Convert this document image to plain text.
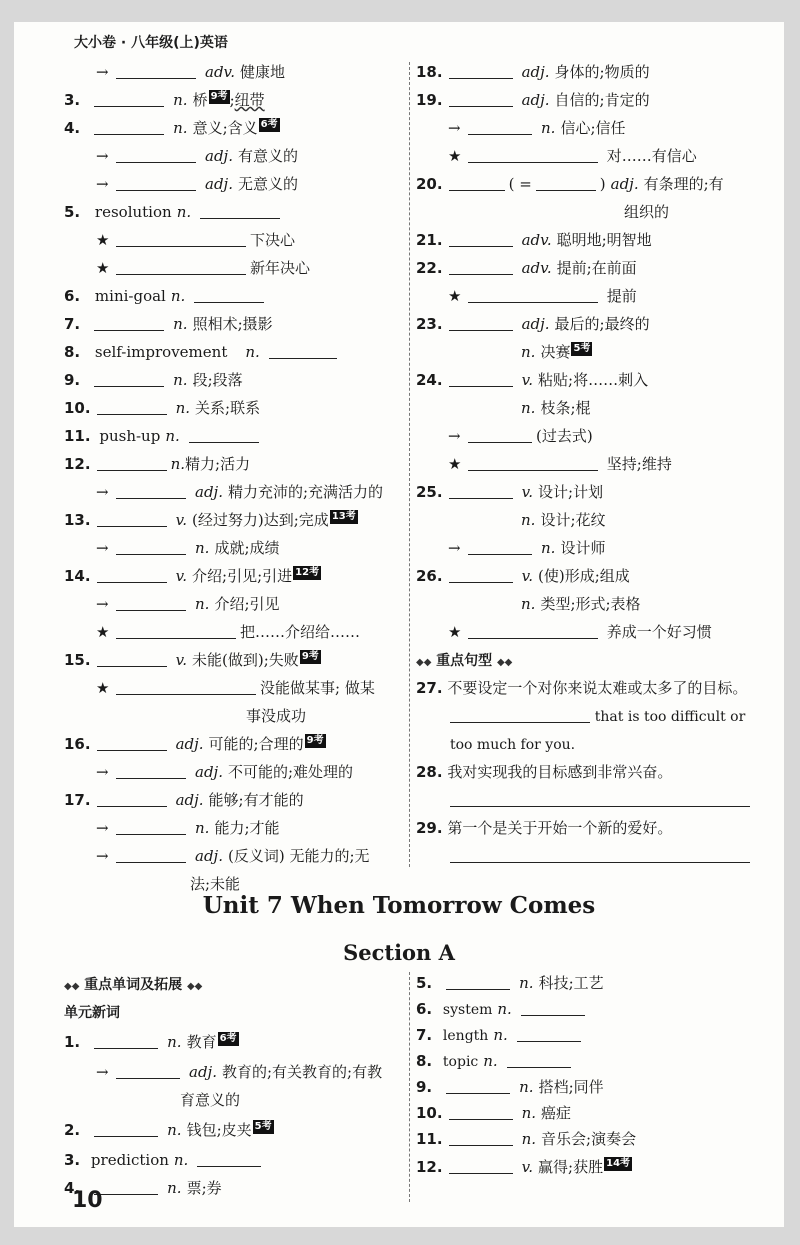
大小卷 · 八年级(上)英语
→	adv. 健康地
3.	n. 桥 9考 ;纽带
4.	n. 意义;含义 6考
→	adj. 有意义的
→	adj. 无意义的
5. resolution n.
★	下决心
★	新年决心
6. mini-goal n.
7.	n. 照相术;摄影
8. self-improvement n.
9.	n. 段;段落
10.	n. 关系;联系
11. push-up n.
12.	n.精力;活力
→	adj. 精力充沛的;充满活力的
13.	v. (经过努力)达到;完成 13考
→	n. 成就;成绩
14.	v. 介绍;引见;引进 12考
→	n. 介绍;引见
★	把……介绍给……
15.	v. 未能(做到);失败 9考
★	没能做某事; 做某
事没成功
16.	adj. 可能的;合理的 9考
→	adj. 不可能的;难处理的
17.	adj. 能够;有才能的
→	n. 能力;才能
→	adj. (反义词) 无能力的;无
法;未能
18.	adj. 身体的;物质的
19.	adj. 自信的;肯定的
→	n. 信心;信任
★	对……有信心
20.	( =	) adj. 有条理的;有
组织的
21.	adv. 聪明地;明智地
22.	adv. 提前;在前面
★	提前
23.	adj. 最后的;最终的
n. 决赛 5考
24.	v. 粘贴;将……刺入
n. 枝条;棍
→	(过去式)
★	坚持;维持
25.	v. 设计;计划
n. 设计;花纹
→	n. 设计师
26.	v. (使)形成;组成
n. 类型;形式;表格
★	养成一个好习惯
◆◆ 重点句型 ◆◆
27. 不要设定一个对你来说太难或太多了的目标。
that is too difficult or
too much for you.
28. 我对实现我的目标感到非常兴奋。
29. 第一个是关于开始一个新的爱好。
Unit 7 When Tomorrow Comes
Section A
◆◆ 重点单词及拓展 ◆◆
单元新词
1.	n. 教育 6考
→	adj. 教育的;有关教育的;有教
育意义的
2.	n. 钱包;皮夹 5考
3. prediction n.
4.	n. 票;券
5.	n. 科技;工艺
6. system n.
7. length n.
8. topic n.
9.	n. 搭档;同伴
10.	n. 癌症
11.	n. 音乐会;演奏会
12.	v. 赢得;获胜 14考
10
